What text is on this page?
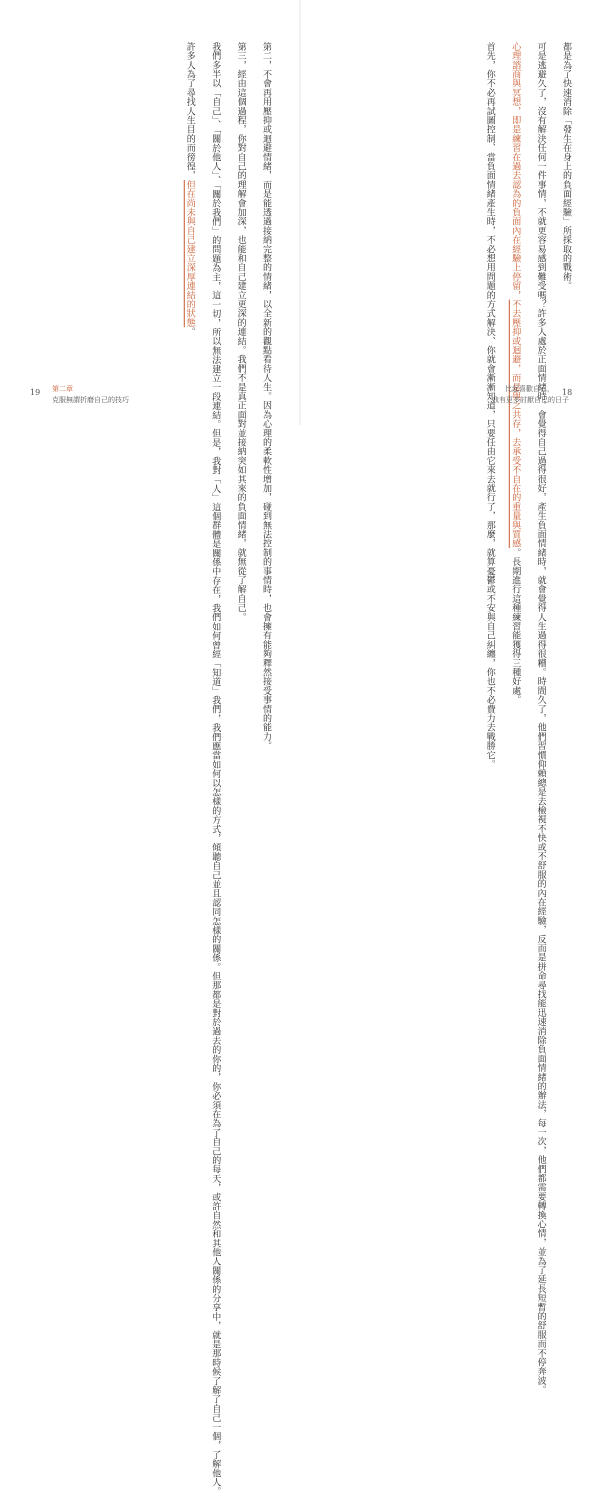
第二，不會再用壓抑或迴避情緒，而是能透過接納完整的情緒，以全新的觀點看待人生。因為心理的柔軟性增加，碰到無法控制的事情時，也會擁有能夠釋然接受事情的能力。
第三，經由這個過程，你對自己的理解會加深，也能和自己建立更深的連結。我們不是真正面對並接納突如其來的負面情緒，就無從了解自己。
我們多半以「自己」、「關於他人」、「關於我們」的問題為主，這一切，所以無法建立一段連結。但是，我對「人」這個群體是關係中存在，我們如何曾經「知道」我們，我們應當如何以怎樣的方式，傾聽自己並且認同怎樣的關係。但那都是對於過去的你的，你必須在為了自己的每天，或許自然和其他人關係的分享中，就是那時候了解了自己一個，了解他人。
許多人為了尋找人生目的而徬徨，但在尚未與自己建立深厚連結的狀態。
19 第二章
克服無謂折磨自己的技巧
都是為了快速消除「發生在身上的負面經驗」所採取的戰術。
可是逃避久了，沒有解決任何一件事情，不就更容易感到難受嗎？許多人處於正面情緒時，會覺得自己過得很好，產生負面情緒時，就會覺得人生過得很糟。時間久了，他們習慣仰賴總是去檢視不快或不舒服的內在經驗，反而是拼命尋找能迅速消除負面情緒的辦法，每一次，他們都需要轉換心情，並為了延長短暫的舒服而不停奔波。
心理諮商與冥想，即是練習在過去認為的負面內在經驗上停留，不去壓抑或迴避，而是與之共存，去承受不自在的重量與質感。長期進行這種練習能獲得三種好處。
首先，你不必再試圖控制、當負面情緒產生時，不必想用問題的方式解決、你就會漸漸知道，只要任由它來去就行了，那麼，就算憂鬱或不安與自己糾纏，你也不必費力去戰勝它。	比起喜歡自己，
我有更多討厭自己的日子
18
